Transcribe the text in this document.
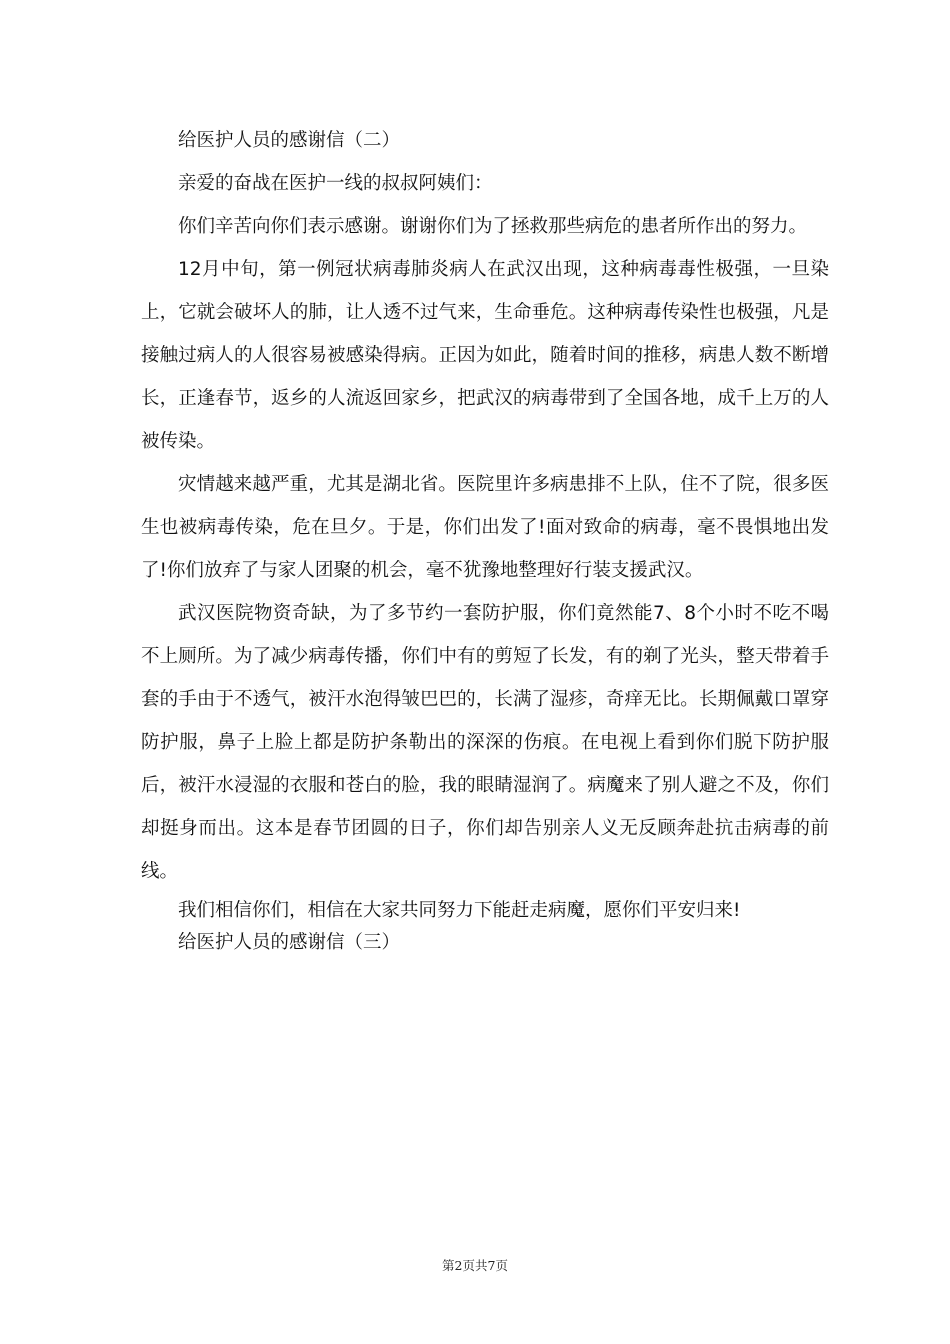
给医护人员的感谢信（二）

亲爱的奋战在医护一线的叔叔阿姨们：

你们辛苦向你们表示感谢。谢谢你们为了拯救那些病危的患者所作出的努力。

12月中旬，第一例冠状病毒肺炎病人在武汉出现，这种病毒毒性极强，一旦染上，它就会破坏人的肺，让人透不过气来，生命垂危。这种病毒传染性也极强，凡是接触过病人的人很容易被感染得病。正因为如此，随着时间的推移，病患人数不断增长，正逢春节，返乡的人流返回家乡，把武汉的病毒带到了全国各地，成千上万的人被传染。

灾情越来越严重，尤其是湖北省。医院里许多病患排不上队，住不了院，很多医生也被病毒传染，危在旦夕。于是，你们出发了!面对致命的病毒，毫不畏惧地出发了!你们放弃了与家人团聚的机会，毫不犹豫地整理好行装支援武汉。

武汉医院物资奇缺，为了多节约一套防护服，你们竟然能7、8个小时不吃不喝不上厕所。为了减少病毒传播，你们中有的剪短了长发，有的剃了光头，整天带着手套的手由于不透气，被汗水泡得皱巴巴的，长满了湿疹，奇痒无比。长期佩戴口罩穿防护服，鼻子上脸上都是防护条勒出的深深的伤痕。在电视上看到你们脱下防护服后，被汗水浸湿的衣服和苍白的脸，我的眼睛湿润了。病魔来了别人避之不及，你们却挺身而出。这本是春节团圆的日子，你们却告别亲人义无反顾奔赴抗击病毒的前线。

我们相信你们，相信在大家共同努力下能赶走病魔，愿你们平安归来!

给医护人员的感谢信（三）

第2页共7页
